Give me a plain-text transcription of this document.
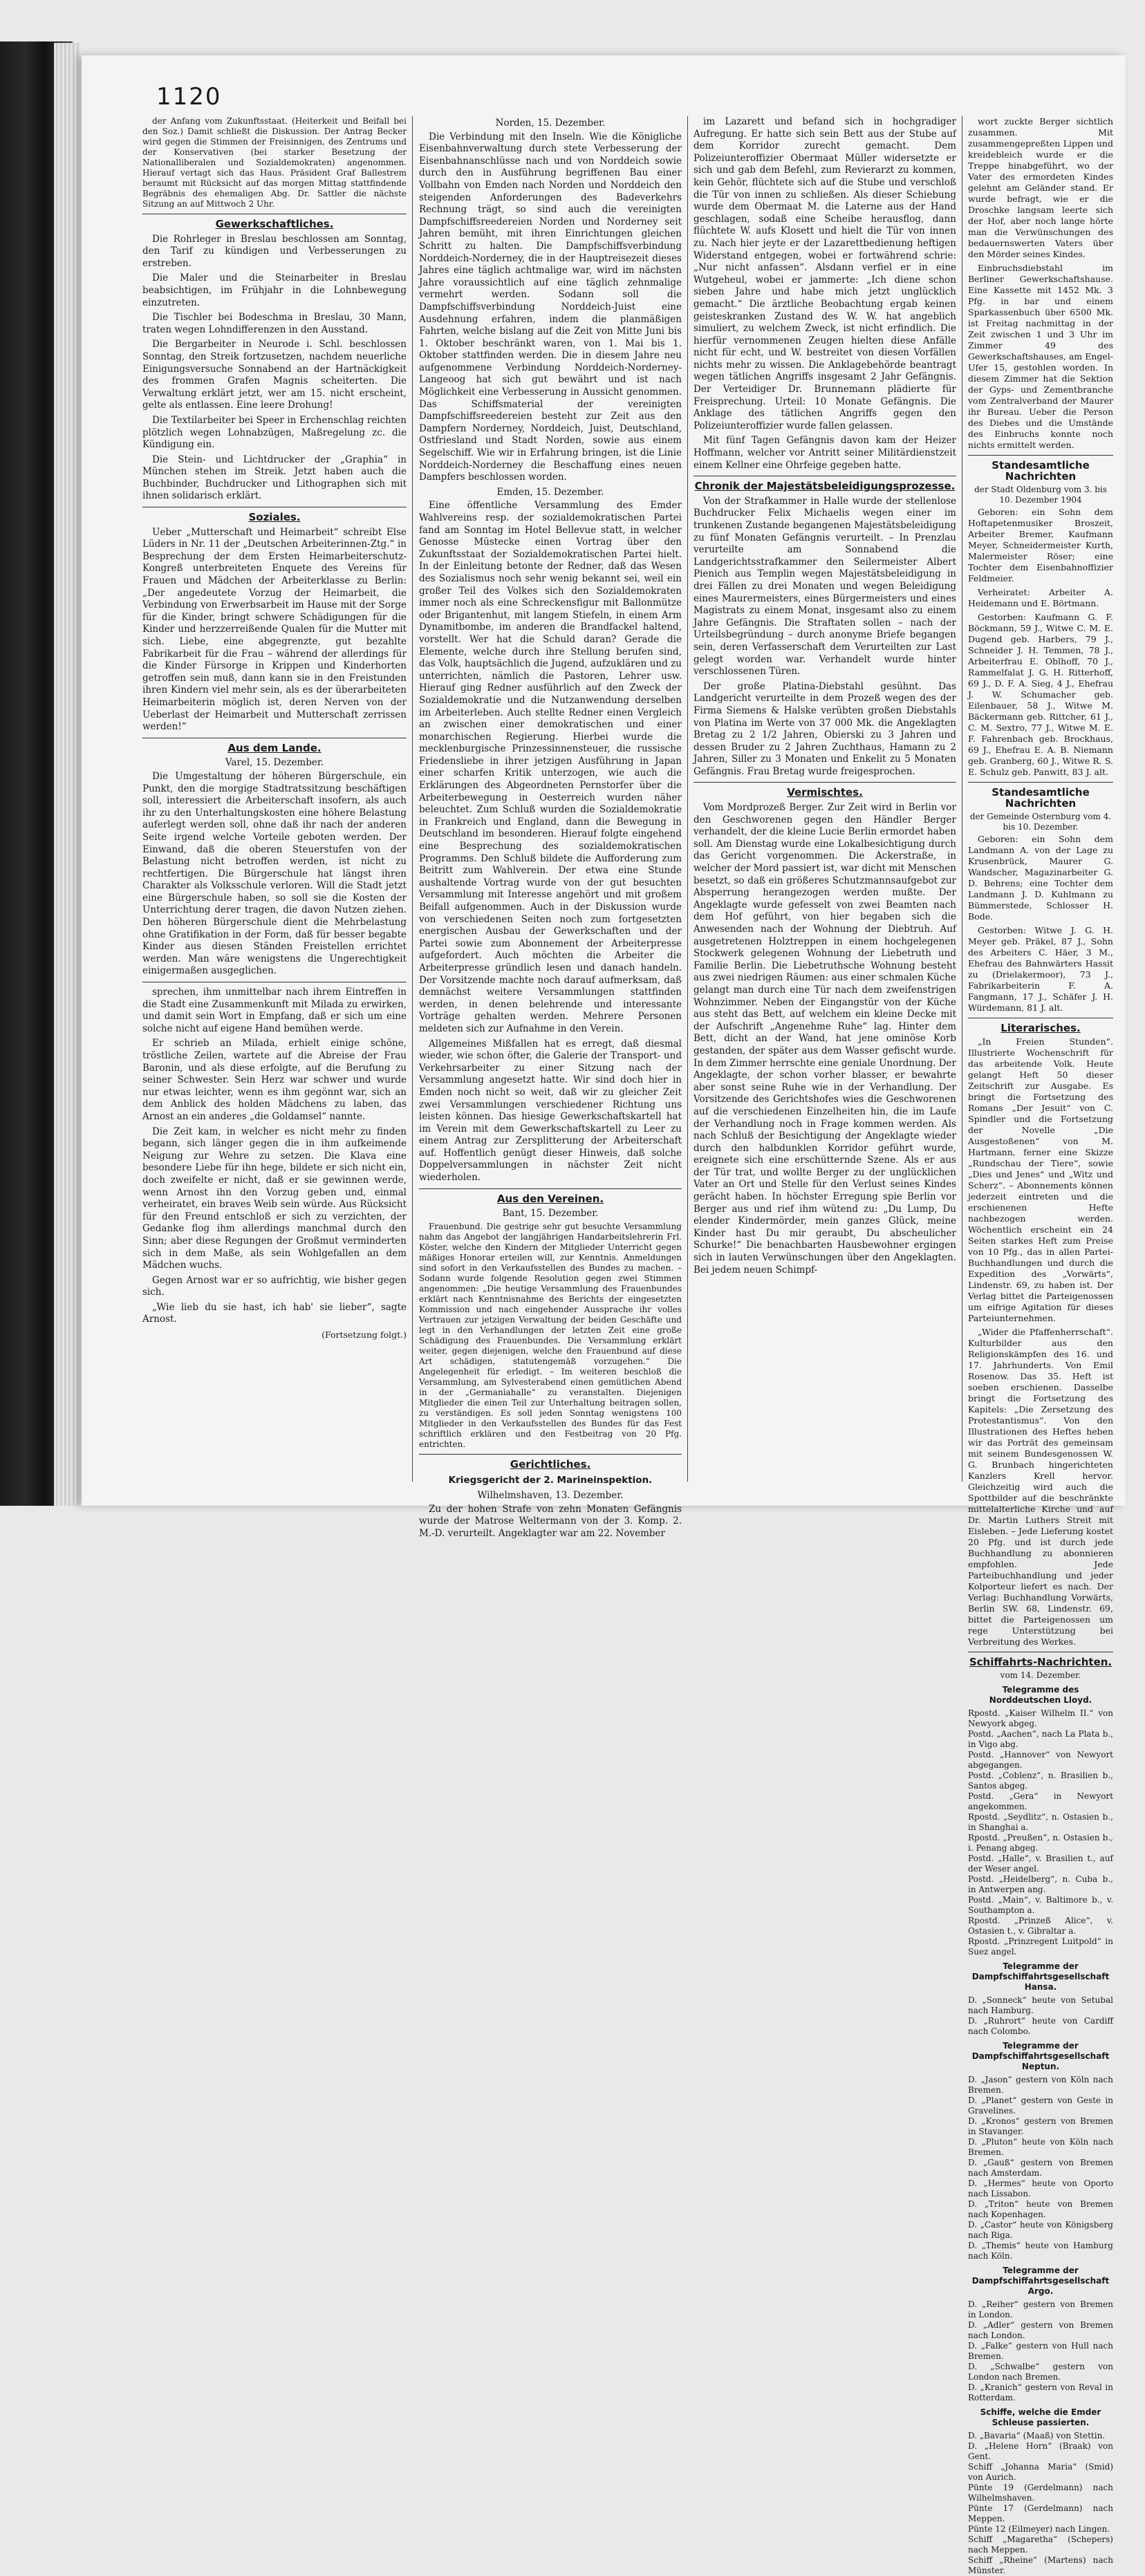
1120

der Anfang vom Zukunftsstaat. (Heiterkeit und Beifall bei den Soz.) Damit schließt die Diskussion. Der Antrag Becker wird gegen die Stimmen der Freisinnigen, des Zentrums und der Konservativen (bei starker Besetzung der Nationalliberalen und Sozialdemokraten) angenommen. Hierauf vertagt sich das Haus. Präsident Graf Ballestrem beraumt mit Rücksicht auf das morgen Mittag stattfindende Begräbnis des ehemaligen Abg. Dr. Sattler die nächste Sitzung an auf Mittwoch 2 Uhr.

Gewerkschaftliches.

Die Rohrleger in Breslau beschlossen am Sonntag, den Tarif zu kündigen und Verbesserungen zu erstreben.

Die Maler und die Steinarbeiter in Breslau beabsichtigen, im Frühjahr in die Lohnbewegung einzutreten.

Die Tischler bei Bodeschma in Breslau, 30 Mann, traten wegen Lohndifferenzen in den Ausstand.

Die Bergarbeiter in Neurode i. Schl. beschlossen Sonntag, den Streik fortzusetzen, nachdem neuerliche Einigungsversuche Sonnabend an der Hartnäckigkeit des frommen Grafen Magnis scheiterten. Die Verwaltung erklärt jetzt, wer am 15. nicht erscheint, gelte als entlassen. Eine leere Drohung!

Die Textilarbeiter bei Speer in Erchenschlag reichten plötzlich wegen Lohnabzügen, Maßregelung zc. die Kündigung ein.

Die Stein- und Lichtdrucker der „Graphia“ in München stehen im Streik. Jetzt haben auch die Buchbinder, Buchdrucker und Lithographen sich mit ihnen solidarisch erklärt.

Soziales.

Ueber „Mutterschaft und Heimarbeit“ schreibt Else Lüders in Nr. 11 der „Deutschen Arbeiterinnen-Ztg.“ in Besprechung der dem Ersten Heimarbeiterschutz-Kongreß unterbreiteten Enquete des Vereins für Frauen und Mädchen der Arbeiterklasse zu Berlin: „Der angedeutete Vorzug der Heimarbeit, die Verbindung von Erwerbsarbeit im Hause mit der Sorge für die Kinder, bringt schwere Schädigungen für die Kinder und herzzerreißende Qualen für die Mutter mit sich. Liebe, eine abgegrenzte, gut bezahlte Fabrikarbeit für die Frau – während der allerdings für die Kinder Fürsorge in Krippen und Kinderhorten getroffen sein muß, dann kann sie in den Freistunden ihren Kindern viel mehr sein, als es der überarbeiteten Heimarbeiterin möglich ist, deren Nerven von der Ueberlast der Heimarbeit und Mutterschaft zerrissen werden!“

Aus dem Lande.
Varel, 15. Dezember.

Die Umgestaltung der höheren Bürgerschule, ein Punkt, den die morgige Stadtratssitzung beschäftigen soll, interessiert die Arbeiterschaft insofern, als auch ihr zu den Unterhaltungskosten eine höhere Belastung auferlegt werden soll, ohne daß ihr nach der anderen Seite irgend welche Vorteile geboten werden. Der Einwand, daß die oberen Steuerstufen von der Belastung nicht betroffen werden, ist nicht zu rechtfertigen. Die Bürgerschule hat längst ihren Charakter als Volksschule verloren. Will die Stadt jetzt eine Bürgerschule haben, so soll sie die Kosten der Unterrichtung derer tragen, die davon Nutzen ziehen. Den höheren Bürgerschule dient die Mehrbelastung ohne Gratifikation in der Form, daß für besser begabte Kinder aus diesen Ständen Freistellen errichtet werden. Man wäre wenigstens die Ungerechtigkeit einigermaßen ausgeglichen.

sprechen, ihm unmittelbar nach ihrem Eintreffen in die Stadt eine Zusammenkunft mit Milada zu erwirken, und damit sein Wort in Empfang, daß er sich um eine solche nicht auf eigene Hand bemühen werde.

Er schrieb an Milada, erhielt einige schöne, tröstliche Zeilen, wartete auf die Abreise der Frau Baronin, und als diese erfolgte, auf die Berufung zu seiner Schwester. Sein Herz war schwer und wurde nur etwas leichter, wenn es ihm gegönnt war, sich an dem Anblick des holden Mädchens zu laben, das Arnost an ein anderes „die Goldamsel“ nannte.

Die Zeit kam, in welcher es nicht mehr zu finden begann, sich länger gegen die in ihm aufkeimende Neigung zur Wehre zu setzen. Die Klava eine besondere Liebe für ihn hege, bildete er sich nicht ein, doch zweifelte er nicht, daß er sie gewinnen werde, wenn Arnost ihn den Vorzug geben und, einmal verheiratet, ein braves Weib sein würde. Aus Rücksicht für den Freund entschloß er sich zu verzichten, der Gedanke flog ihm allerdings manchmal durch den Sinn; aber diese Regungen der Großmut verminderten sich in dem Maße, als sein Wohlgefallen an dem Mädchen wuchs.

Gegen Arnost war er so aufrichtig, wie bisher gegen sich.

„Wie lieb du sie hast, ich hab' sie lieber“, sagte Arnost.

(Fortsetzung folgt.)
Norden, 15. Dezember.

Die Verbindung mit den Inseln. Wie die Königliche Eisenbahnverwaltung durch stete Verbesserung der Eisenbahnanschlüsse nach und von Norddeich sowie durch den in Ausführung begriffenen Bau einer Vollbahn von Emden nach Norden und Norddeich den steigenden Anforderungen des Badeverkehrs Rechnung trägt, so sind auch die vereinigten Dampfschiffsreedereien Norden und Norderney seit Jahren bemüht, mit ihren Einrichtungen gleichen Schritt zu halten. Die Dampfschiffsverbindung Norddeich-Norderney, die in der Hauptreisezeit dieses Jahres eine täglich achtmalige war, wird im nächsten Jahre voraussichtlich auf eine täglich zehnmalige vermehrt werden. Sodann soll die Dampfschiffsverbindung Norddeich-Juist eine Ausdehnung erfahren, indem die planmäßigen Fahrten, welche bislang auf die Zeit von Mitte Juni bis 1. Oktober beschränkt waren, von 1. Mai bis 1. Oktober stattfinden werden. Die in diesem Jahre neu aufgenommene Verbindung Norddeich-Norderney-Langeoog hat sich gut bewährt und ist nach Möglichkeit eine Verbesserung in Aussicht genommen. Das Schiffsmaterial der vereinigten Dampfschiffsreedereien besteht zur Zeit aus den Dampfern Norderney, Norddeich, Juist, Deutschland, Ostfriesland und Stadt Norden, sowie aus einem Segelschiff. Wie wir in Erfahrung bringen, ist die Linie Norddeich-Norderney die Beschaffung eines neuen Dampfers beschlossen worden.

Emden, 15. Dezember.

Eine öffentliche Versammlung des Emder Wahlvereins resp. der sozialdemokratischen Partei fand am Sonntag im Hotel Bellevue statt, in welcher Genosse Müstecke einen Vortrag über den Zukunftsstaat der Sozialdemokratischen Partei hielt. In der Einleitung betonte der Redner, daß das Wesen des Sozialismus noch sehr wenig bekannt sei, weil ein großer Teil des Volkes sich den Sozialdemokraten immer noch als eine Schreckensfigur mit Ballonmütze oder Brigantenhut, mit langem Stiefeln, in einem Arm Dynamitbombe, im anderen die Brandfackel haltend, vorstellt. Wer hat die Schuld daran? Gerade die Elemente, welche durch ihre Stellung berufen sind, das Volk, hauptsächlich die Jugend, aufzuklären und zu unterrichten, nämlich die Pastoren, Lehrer usw. Hierauf ging Redner ausführlich auf den Zweck der Sozialdemokratie und die Nutzanwendung derselben im Arbeiterleben. Auch stellte Redner einen Vergleich an zwischen einer demokratischen und einer monarchischen Regierung. Hierbei wurde die mecklenburgische Prinzessinnensteuer, die russische Friedensliebe in ihrer jetzigen Ausführung in Japan einer scharfen Kritik unterzogen, wie auch die Erklärungen des Abgeordneten Pernstorfer über die Arbeiterbewegung in Oesterreich wurden näher beleuchtet. Zum Schluß wurden die Sozialdemokratie in Frankreich und England, dann die Bewegung in Deutschland im besonderen. Hierauf folgte eingehend eine Besprechung des sozialdemokratischen Programms. Den Schluß bildete die Aufforderung zum Beitritt zum Wahlverein. Der etwa eine Stunde aushaltende Vortrag wurde von der gut besuchten Versammlung mit Interesse angehört und mit großem Beifall aufgenommen. Auch in der Diskussion wurde von verschiedenen Seiten noch zum fortgesetzten energischen Ausbau der Gewerkschaften und der Partei sowie zum Abonnement der Arbeiterpresse aufgefordert. Auch möchten die Arbeiter die Arbeiterpresse gründlich lesen und danach handeln. Der Vorsitzende machte noch darauf aufmerksam, daß demnächst weitere Versammlungen stattfinden werden, in denen belehrende und interessante Vorträge gehalten werden. Mehrere Personen meldeten sich zur Aufnahme in den Verein.

Allgemeines Mißfallen hat es erregt, daß diesmal wieder, wie schon öfter, die Galerie der Transport- und Verkehrsarbeiter zu einer Sitzung nach der Versammlung angesetzt hatte. Wir sind doch hier in Emden noch nicht so weit, daß wir zu gleicher Zeit zwei Versammlungen verschiedener Richtung uns leisten können. Das hiesige Gewerkschaftskartell hat im Verein mit dem Gewerkschaftskartell zu Leer zu einem Antrag zur Zersplitterung der Arbeiterschaft auf. Hoffentlich genügt dieser Hinweis, daß solche Doppelversammlungen in nächster Zeit nicht wiederholen.

Aus den Vereinen.
Bant, 15. Dezember.

Frauenbund. Die gestrige sehr gut besuchte Versammlung nahm das Angebot der langjährigen Handarbeitslehrerin Frl. Köster, welche den Kindern der Mitglieder Unterricht gegen mäßiges Honorar erteilen will, zur Kenntnis. Anmeldungen sind sofort in den Verkaufsstellen des Bundes zu machen. – Sodann wurde folgende Resolution gegen zwei Stimmen angenommen: „Die heutige Versammlung des Frauenbundes erklärt nach Kenntnisnahme des Berichts der eingesetzten Kommission und nach eingehender Aussprache ihr volles Vertrauen zur jetzigen Verwaltung der beiden Geschäfte und legt in den Verhandlungen der letzten Zeit eine große Schädigung des Frauenbundes. Die Versammlung erklärt weiter, gegen diejenigen, welche den Frauenbund auf diese Art schädigen, statutengemäß vorzugehen.“ Die Angelegenheit für erledigt. – Im weiteren beschloß die Versammlung, am Sylvesterabend einen gemütlichen Abend in der „Germaniahalle“ zu veranstalten. Diejenigen Mitglieder die einen Teil zur Unterhaltung beitragen sollen, zu verständigen. Es soll jeden Sonntag wenigstens 100 Mitglieder in den Verkaufsstellen des Bundes für das Fest schriftlich erklären und den Festbeitrag von 20 Pfg. entrichten.

Gerichtliches.
Kriegsgericht der 2. Marineinspektion.
Wilhelmshaven, 13. Dezember.

Zu der hohen Strafe von zehn Monaten Gefängnis wurde der Matrose Weltermann von der 3. Komp. 2. M.-D. verurteilt. Angeklagter war am 22. November

im Lazarett und befand sich in hochgradiger Aufregung. Er hatte sich sein Bett aus der Stube auf dem Korridor zurecht gemacht. Dem Polizeiunteroffizier Obermaat Müller widersetzte er sich und gab dem Befehl, zum Revierarzt zu kommen, kein Gehör, flüchtete sich auf die Stube und verschloß die Tür von innen zu schließen. Als dieser Schiebung wurde dem Obermaat M. die Laterne aus der Hand geschlagen, sodaß eine Scheibe herausflog, dann flüchtete W. aufs Klosett und hielt die Tür von innen zu. Nach hier jeyte er der Lazarettbedienung heftigen Widerstand entgegen, wobei er fortwährend schrie: „Nur nicht anfassen“. Alsdann verfiel er in eine Wutgeheul, wobei er jammerte: „Ich diene schon sieben Jahre und habe mich jetzt unglücklich gemacht.“ Die ärztliche Beobachtung ergab keinen geisteskranken Zustand des W. W. hat angeblich simuliert, zu welchem Zweck, ist nicht erfindlich. Die hierfür vernommenen Zeugen hielten diese Anfälle nicht für echt, und W. bestreitet von diesen Vorfällen nichts mehr zu wissen. Die Anklagebehörde beantragt wegen tätlichen Angriffs insgesamt 2 Jahr Gefängnis. Der Verteidiger Dr. Brunnemann plädierte für Freisprechung. Urteil: 10 Monate Gefängnis. Die Anklage des tätlichen Angriffs gegen den Polizeiunteroffizier wurde fallen gelassen.

Mit fünf Tagen Gefängnis davon kam der Heizer Hoffmann, welcher vor Antritt seiner Militärdienstzeit einem Kellner eine Ohrfeige gegeben hatte.

Chronik der Majestätsbeleidigungsprozesse.

Von der Strafkammer in Halle wurde der stellenlose Buchdrucker Felix Michaelis wegen einer im trunkenen Zustande begangenen Majestätsbeleidigung zu fünf Monaten Gefängnis verurteilt. – In Prenzlau verurteilte am Sonnabend die Landgerichtsstrafkammer den Seilermeister Albert Pienich aus Templin wegen Majestätsbeleidigung in drei Fällen zu drei Monaten und wegen Beleidigung eines Maurermeisters, eines Bürgermeisters und eines Magistrats zu einem Monat, insgesamt also zu einem Jahre Gefängnis. Die Straftaten sollen – nach der Urteilsbegründung – durch anonyme Briefe begangen sein, deren Verfasserschaft dem Verurteilten zur Last gelegt worden war. Verhandelt wurde hinter verschlossenen Türen.

Der große Platina-Diebstahl gesühnt. Das Landgericht verurteilte in dem Prozeß wegen des der Firma Siemens & Halske verübten großen Diebstahls von Platina im Werte von 37 000 Mk. die Angeklagten Bretag zu 2 1/2 Jahren, Obierski zu 3 Jahren und dessen Bruder zu 2 Jahren Zuchthaus, Hamann zu 2 Jahren, Siller zu 3 Monaten und Enkelit zu 5 Monaten Gefängnis. Frau Bretag wurde freigesprochen.

Vermischtes.

Vom Mordprozeß Berger. Zur Zeit wird in Berlin vor den Geschworenen gegen den Händler Berger verhandelt, der die kleine Lucie Berlin ermordet haben soll. Am Dienstag wurde eine Lokalbesichtigung durch das Gericht vorgenommen. Die Ackerstraße, in welcher der Mord passiert ist, war dicht mit Menschen besetzt, so daß ein größeres Schutzmannsaufgebot zur Absperrung herangezogen werden mußte. Der Angeklagte wurde gefesselt von zwei Beamten nach dem Hof geführt, von hier begaben sich die Anwesenden nach der Wohnung der Diebtruh. Auf ausgetretenen Holztreppen in einem hochgelegenen Stockwerk gelegenen Wohnung der Liebetruth und Familie Berlin. Die Liebetruthsche Wohnung besteht aus zwei niedrigen Räumen: aus einer schmalen Küche gelangt man durch eine Tür nach dem zweifenstrigen Wohnzimmer. Neben der Eingangstür von der Küche aus steht das Bett, auf welchem ein kleine Decke mit der Aufschrift „Angenehme Ruhe“ lag. Hinter dem Bett, dicht an der Wand, hat jene ominöse Korb gestanden, der später aus dem Wasser gefischt wurde. In dem Zimmer herrschte eine geniale Unordnung. Der Angeklagte, der schon vorher blasser, er bewahrte aber sonst seine Ruhe wie in der Verhandlung. Der Vorsitzende des Gerichtshofes wies die Geschworenen auf die verschiedenen Einzelheiten hin, die im Laufe der Verhandlung noch in Frage kommen werden. Als nach Schluß der Besichtigung der Angeklagte wieder durch den halbdunklen Korridor geführt wurde, ereignete sich eine erschütternde Szene. Als er aus der Tür trat, und wollte Berger zu der unglücklichen Vater an Ort und Stelle für den Verlust seines Kindes gerächt haben. In höchster Erregung spie Berlin vor Berger aus und rief ihm wütend zu: „Du Lump, Du elender Kindermörder, mein ganzes Glück, meine Kinder hast Du mir geraubt, Du abscheulicher Schurke!“ Die benachbarten Hausbewohner ergingen sich in lauten Verwünschungen über den Angeklagten. Bei jedem neuen Schimpf-

wort zuckte Berger sichtlich zusammen. Mit zusammengepreßten Lippen und kreidebleich wurde er die Treppe hinabgeführt, wo der Vater des ermordeten Kindes gelehnt am Geländer stand. Er wurde befragt, wie er die Droschke langsam leerte sich der Hof, aber noch lange hörte man die Verwünschungen des bedauernswerten Vaters über den Mörder seines Kindes.

Einbruchsdiebstahl im Berliner Gewerkschaftshause. Eine Kassette mit 1452 Mk. 3 Pfg. in bar und einem Sparkassenbuch über 6500 Mk. ist Freitag nachmittag in der Zeit zwischen 1 und 3 Uhr im Zimmer 49 des Gewerkschaftshauses, am Engel-Ufer 15, gestohlen worden. In diesem Zimmer hat die Sektion der Gyps- und Zementbranche vom Zentralverband der Maurer ihr Bureau. Ueber die Person des Diebes und die Umstände des Einbruchs konnte noch nichts ermittelt werden.

Standesamtliche Nachrichten
der Stadt Oldenburg vom 3. bis 10. Dezember 1904

Geboren: ein Sohn dem Hoftapetenmusiker Broszeit, Arbeiter Bremer, Kaufmann Meyer, Schneidermeister Kurth, Malermeister Röser; eine Tochter dem Eisenbahnoffizier Feldmeier.

Verheiratet: Arbeiter A. Heidemann und E. Börtmann.

Gestorben: Kaufmann G. F. Böckmann, 59 J., Witwe C. M. E. Dugend geb. Harbers, 79 J., Schneider J. H. Temmen, 78 J., Arbeiterfrau E. Oblhoff, 70 J., Rammelfalat J. G. H. Ritterhoff, 69 J., D. F. A. Sieg, 4 J., Ehefrau J. W. Schumacher geb. Eilenbauer, 58 J., Witwe M. Bäckermann geb. Rittcher, 61 J., C. M. Sextro, 77 J., Witwe M. E. F. Fahrenbach geb. Brockhaus, 69 J., Ehefrau E. A. B. Niemann geb. Granberg, 60 J., Witwe R. S. E. Schulz geb. Panwitt, 83 J. alt.

Standesamtliche Nachrichten
der Gemeinde Osternburg vom 4. bis 10. Dezember.

Geboren: ein Sohn dem Landmann A. von der Lage zu Krusenbrück, Maurer G. Wandscher, Magazinarbeiter G. D. Behrens; eine Tochter dem Landmann J. D. Kuhlmann zu Bümmerstede, Schlosser H. Bode.

Gestorben: Witwe J. G. H. Meyer geb. Präkel, 87 J., Sohn des Arbeiters C. Häer, 3 M., Ehefrau des Bahnwärters Hassit zu (Drielakermoor), 73 J., Fabrikarbeiterin F. A. Fangmann, 17 J., Schäfer J. H. Würdemann, 81 J. alt.

Literarisches.

„In Freien Stunden“. Illustrierte Wochenschrift für das arbeitende Volk. Heute gelangt Heft 50 dieser Zeitschrift zur Ausgabe. Es bringt die Fortsetzung des Romans „Der Jesuit“ von C. Spindler und die Fortsetzung der Novelle „Die Ausgestoßenen“ von M. Hartmann, ferner eine Skizze „Rundschau der Tiere“, sowie „Dies und Jenes“ und „Witz und Scherz“. – Abonnements können jederzeit eintreten und die erschienenen Hefte nachbezogen werden. Wöchentlich erscheint ein 24 Seiten starkes Heft zum Preise von 10 Pfg., das in allen Partei-Buchhandlungen und durch die Expedition des „Vorwärts“, Lindenstr. 69, zu haben ist. Der Verlag bittet die Parteigenossen um eifrige Agitation für dieses Parteiunternehmen.

„Wider die Pfaffenherrschaft“. Kulturbilder aus den Religionskämpfen des 16. und 17. Jahrhunderts. Von Emil Rosenow. Das 35. Heft ist soeben erschienen. Dasselbe bringt die Fortsetzung des Kapitels: „Die Zersetzung des Protestantismus“. Von den Illustrationen des Heftes heben wir das Porträt des gemeinsam mit seinem Bundesgenossen W. G. Brunbach hingerichteten Kanzlers Krell hervor. Gleichzeitig wird auch die Spottbilder auf die beschränkte mittelalterliche Kirche und auf Dr. Martin Luthers Streit mit Eisleben. – Jede Lieferung kostet 20 Pfg. und ist durch jede Buchhandlung zu abonnieren empfohlen. Jede Parteibuchhandlung und jeder Kolporteur liefert es nach. Der Verlag: Buchhandlung Vorwärts, Berlin SW. 68, Lindenstr. 69, bittet die Parteigenossen um rege Unterstützung bei Verbreitung des Werkes.

Schiffahrts-Nachrichten.
vom 14. Dezember.
Telegramme des Norddeutschen Lloyd.
Rpostd. „Kaiser Wilhelm II.“ von Newyork abgeg.
Postd. „Aachen“, nach La Plata b., in Vigo abg.
Postd. „Hannover“ von Newyort abgegangen.
Postd. „Coblenz“, n. Brasilien b., Santos abgeg.
Postd. „Gera“ in Newyort angekommen.
Rpostd. „Seydlitz“, n. Ostasien b., in Shanghai a.
Rpostd. „Preußen“, n. Ostasien b., i. Penang abgeg.
Postd. „Halle“, v. Brasilien t., auf der Weser angel.
Postd. „Heidelberg“, n. Cuba b., in Antwerpen ang.
Postd. „Main“, v. Baltimore b., v. Southampton a.
Rpostd. „Prinzeß Alice“, v. Ostasien t., v. Gibraltar a.
Rpostd. „Prinzregent Luitpold“ in Suez angel.
Telegramme der Dampfschiffahrtsgesellschaft Hansa.
D. „Sonneck“ heute von Setubal nach Hamburg.
D. „Ruhrort“ heute von Cardiff nach Colombo.
Telegramme der Dampfschiffahrtsgesellschaft Neptun.
D. „Jason“ gestern von Köln nach Bremen.
D. „Planet“ gestern von Geste in Gravelines.
D. „Kronos“ gestern von Bremen in Stavanger.
D. „Pluton“ heute von Köln nach Bremen.
D. „Gauß“ gestern von Bremen nach Amsterdam.
D. „Hermes“ heute von Oporto nach Lissabon.
D. „Triton“ heute von Bremen nach Kopenhagen.
D. „Castor“ heute von Königsberg nach Riga.
D. „Themis“ heute von Hamburg nach Köln.
Telegramme der Dampfschiffahrtsgesellschaft Argo.
D. „Reiher“ gestern von Bremen in London.
D. „Adler“ gestern von Bremen nach London.
D. „Falke“ gestern von Hull nach Bremen.
D. „Schwalbe“ gestern von London nach Bremen.
D. „Kranich“ gestern von Reval in Rotterdam.
Schiffe, welche die Emder Schleuse passierten.
D. „Bavaria“ (Maaß) von Stettin.
D. „Helene Horn“ (Braak) von Gent.
Schiff „Johanna Maria“ (Smid) von Aurich.
Pünte 19 (Gerdelmann) nach Wilhelmshaven.
Pünte 17 (Gerdelmann) nach Meppen.
Pünte 12 (Eilmeyer) nach Lingen.
Schiff „Magaretha“ (Schepers) nach Meppen.
Schiff „Rheine“ (Martens) nach Münster.
